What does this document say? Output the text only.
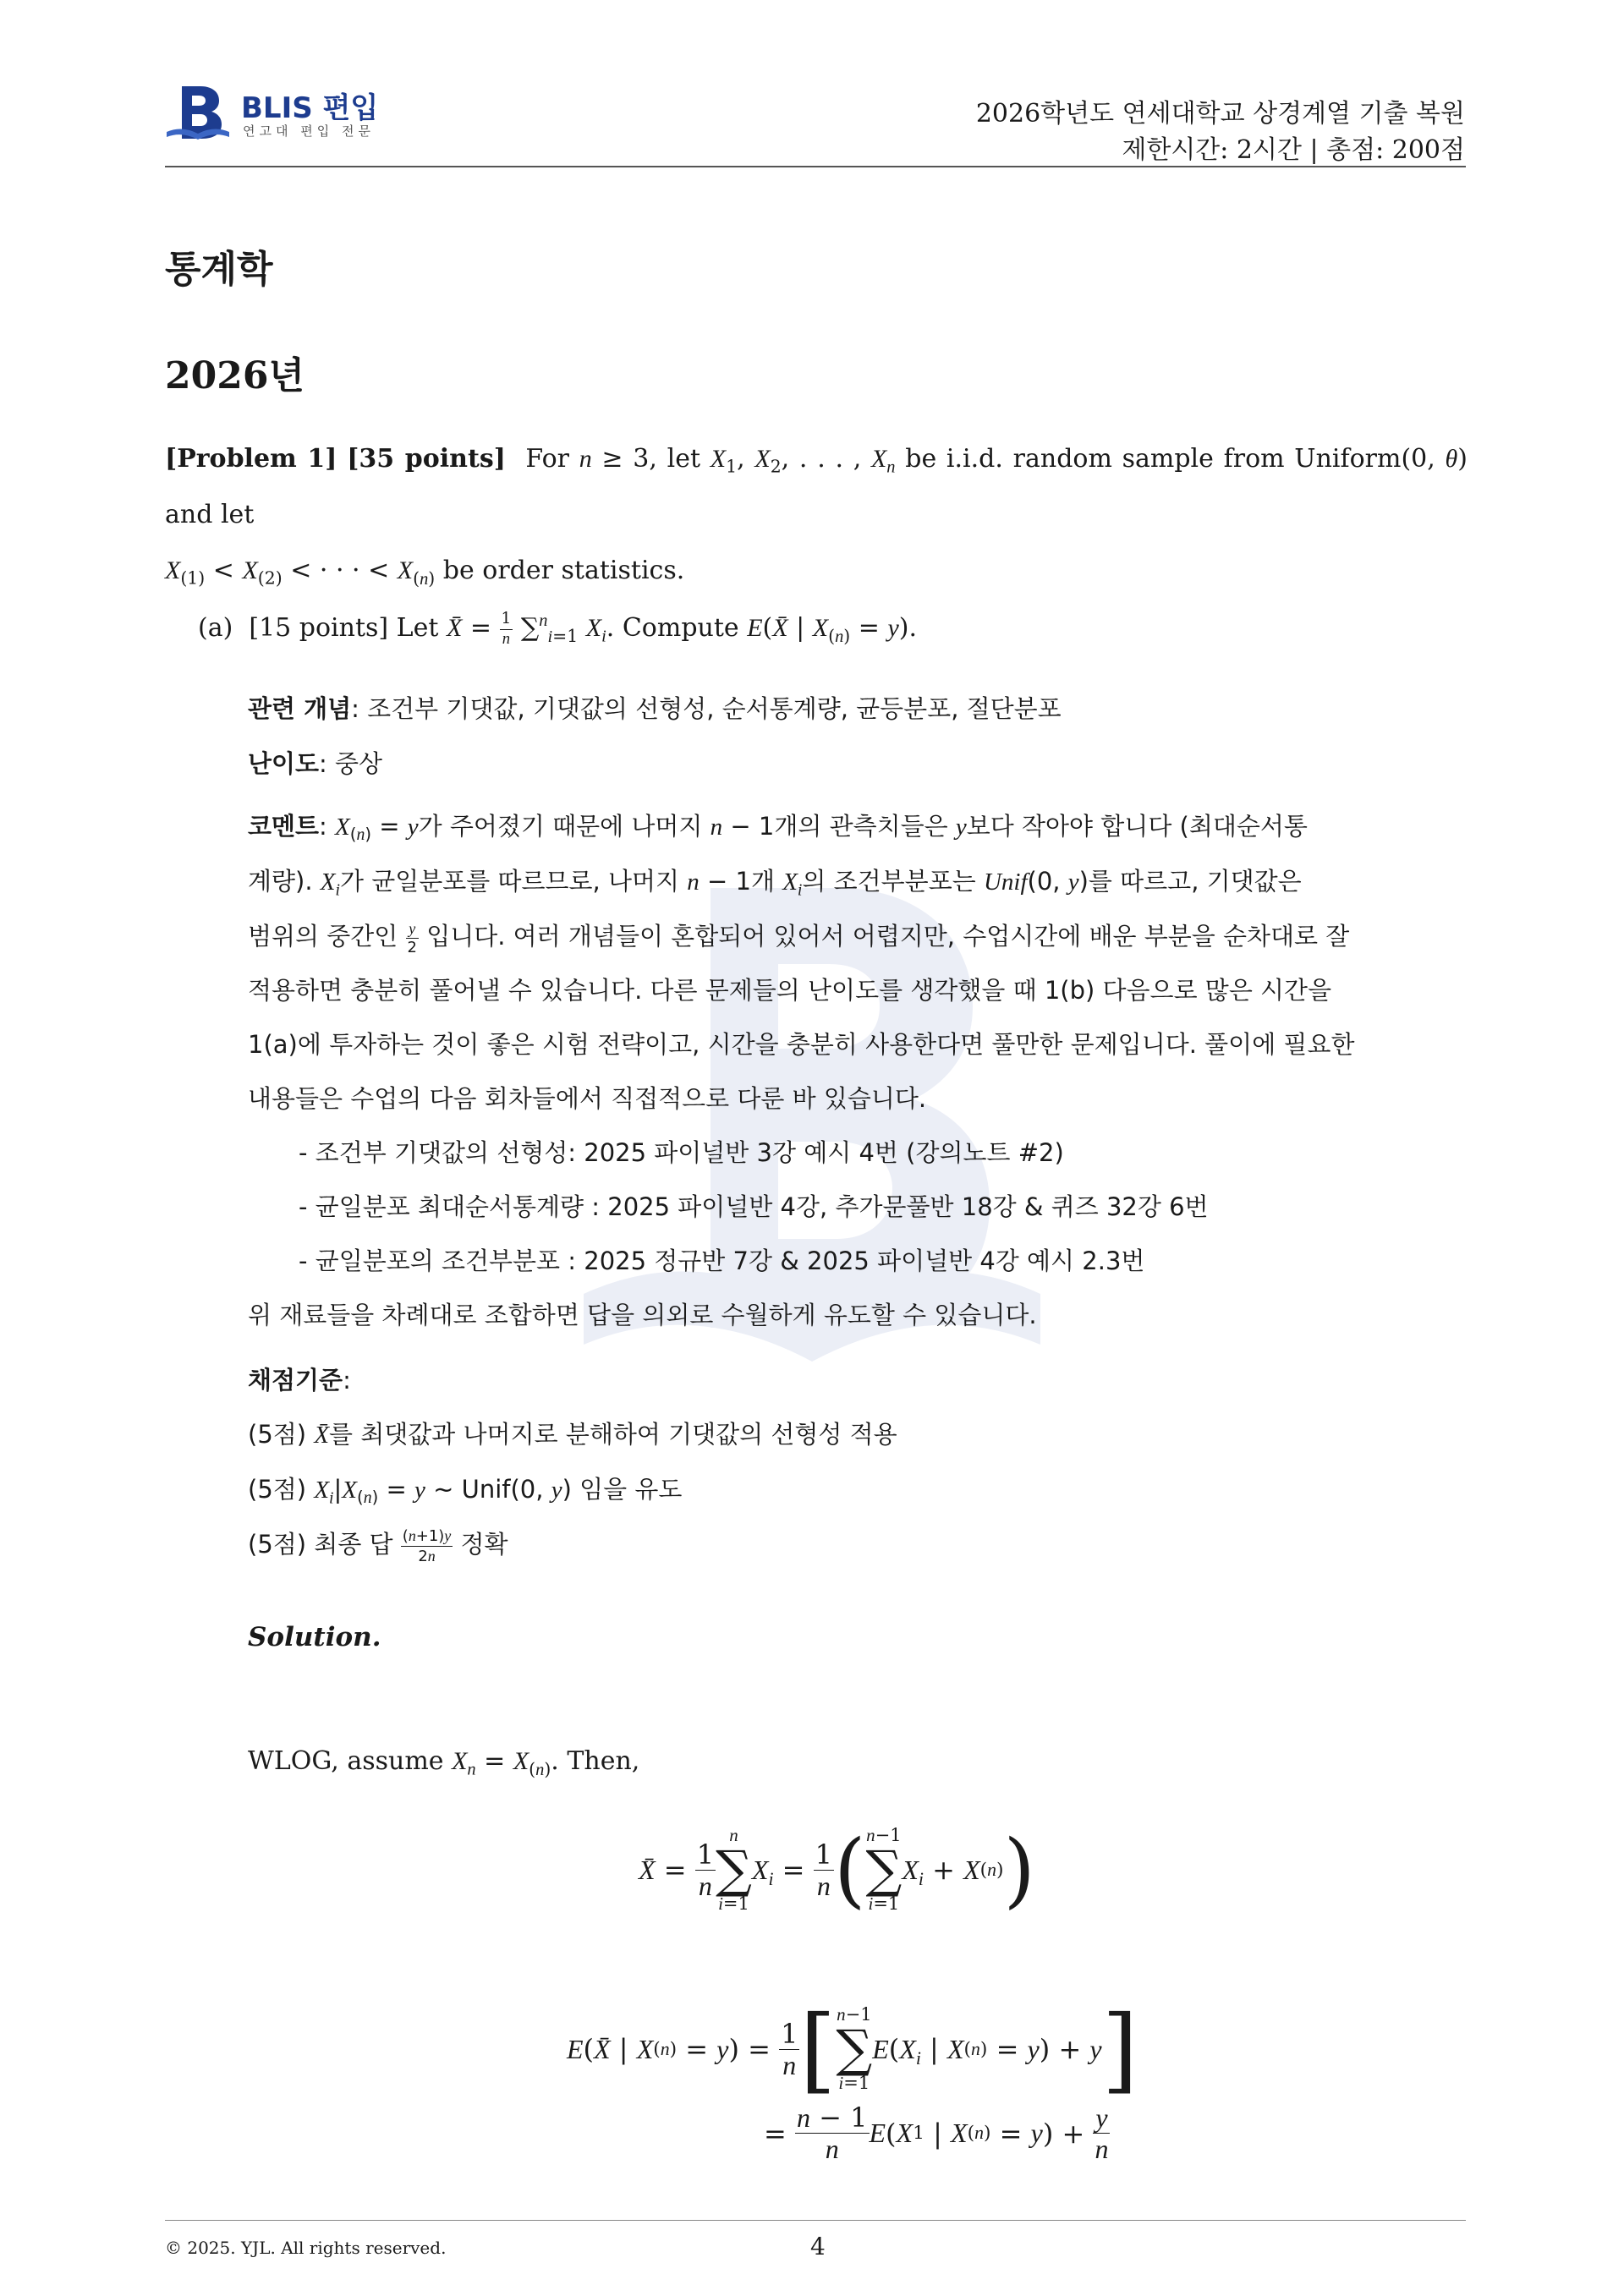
BLIS 편입
연고대 편입 전문
2026학년도 연세대학교 상경계열 기출 복원
제한시간: 2시간 | 총점: 200점
통계학
2026년
[Problem 1] [35 points] For n ≥ 3, let $X_1$, $X_2$, . . . , $X_n$ be i.i.d. random sample from Uniform(0, θ) and let
$X_{(1)} < X_{(2)}$ < · · · < $X_{(n)}$ be order statistics.
(a) [15 points] Let X̄ = $\frac{1}{n} \sum^n_{i=1}$ $X_i$. Compute E(X̄ | $X_{(n)} = y$).
관련 개념: 조건부 기댓값, 기댓값의 선형성, 순서통계량, 균등분포, 절단분포
난이도: 중상
코멘트: $X_{(n)} = y$가 주어졌기 때문에 나머지 n − 1개의 관측치들은 y보다 작아야 합니다 (최대순서통
계량). $X_i$가 균일분포를 따르므로, 나머지 n − 1개 $X_i$의 조건부분포는 Unif(0, y)를 따르고, 기댓값은
범위의 중간인 $\frac{y}{2}$ 입니다. 여러 개념들이 혼합되어 있어서 어렵지만, 수업시간에 배운 부분을 순차대로 잘
적용하면 충분히 풀어낼 수 있습니다. 다른 문제들의 난이도를 생각했을 때 1(b) 다음으로 많은 시간을
1(a)에 투자하는 것이 좋은 시험 전략이고, 시간을 충분히 사용한다면 풀만한 문제입니다. 풀이에 필요한
내용들은 수업의 다음 회차들에서 직접적으로 다룬 바 있습니다.
- 조건부 기댓값의 선형성: 2025 파이널반 3강 예시 4번 (강의노트 #2)
- 균일분포 최대순서통계량 : 2025 파이널반 4강, 추가문풀반 18강 & 퀴즈 32강 6번
- 균일분포의 조건부분포 : 2025 정규반 7강 & 2025 파이널반 4강 예시 2.3번
위 재료들을 차례대로 조합하면 답을 의외로 수월하게 유도할 수 있습니다.
채점기준:
(5점) X̄를 최댓값과 나머지로 분해하여 기댓값의 선형성 적용
(5점) $X_i|X_{(n)} = y$ ∼ Unif(0, y) 임을 유도
(5점) 최종 답 $\frac{(n+1)y}{2n}$ 정확
Solution.
WLOG, assume $X_n = X_{(n)}$. Then,
X̄ = $\frac{1}{n}$
n
∑
i=1
$X_i = \frac{1}{n}$ ( n−1
∑
i=1
$X_i + X$ (n) )
E ( X̄ | X (n) = y ) = $\frac{1}{n}$ [ n−1
∑
i=1
E ( $X_i$ | X (n) = y ) + y ]
= $\frac{n - 1}{n}$ E ( X 1 | X (n) = y ) + $\frac{y}{n}$
© 2025. YJL. All rights reserved.	4
